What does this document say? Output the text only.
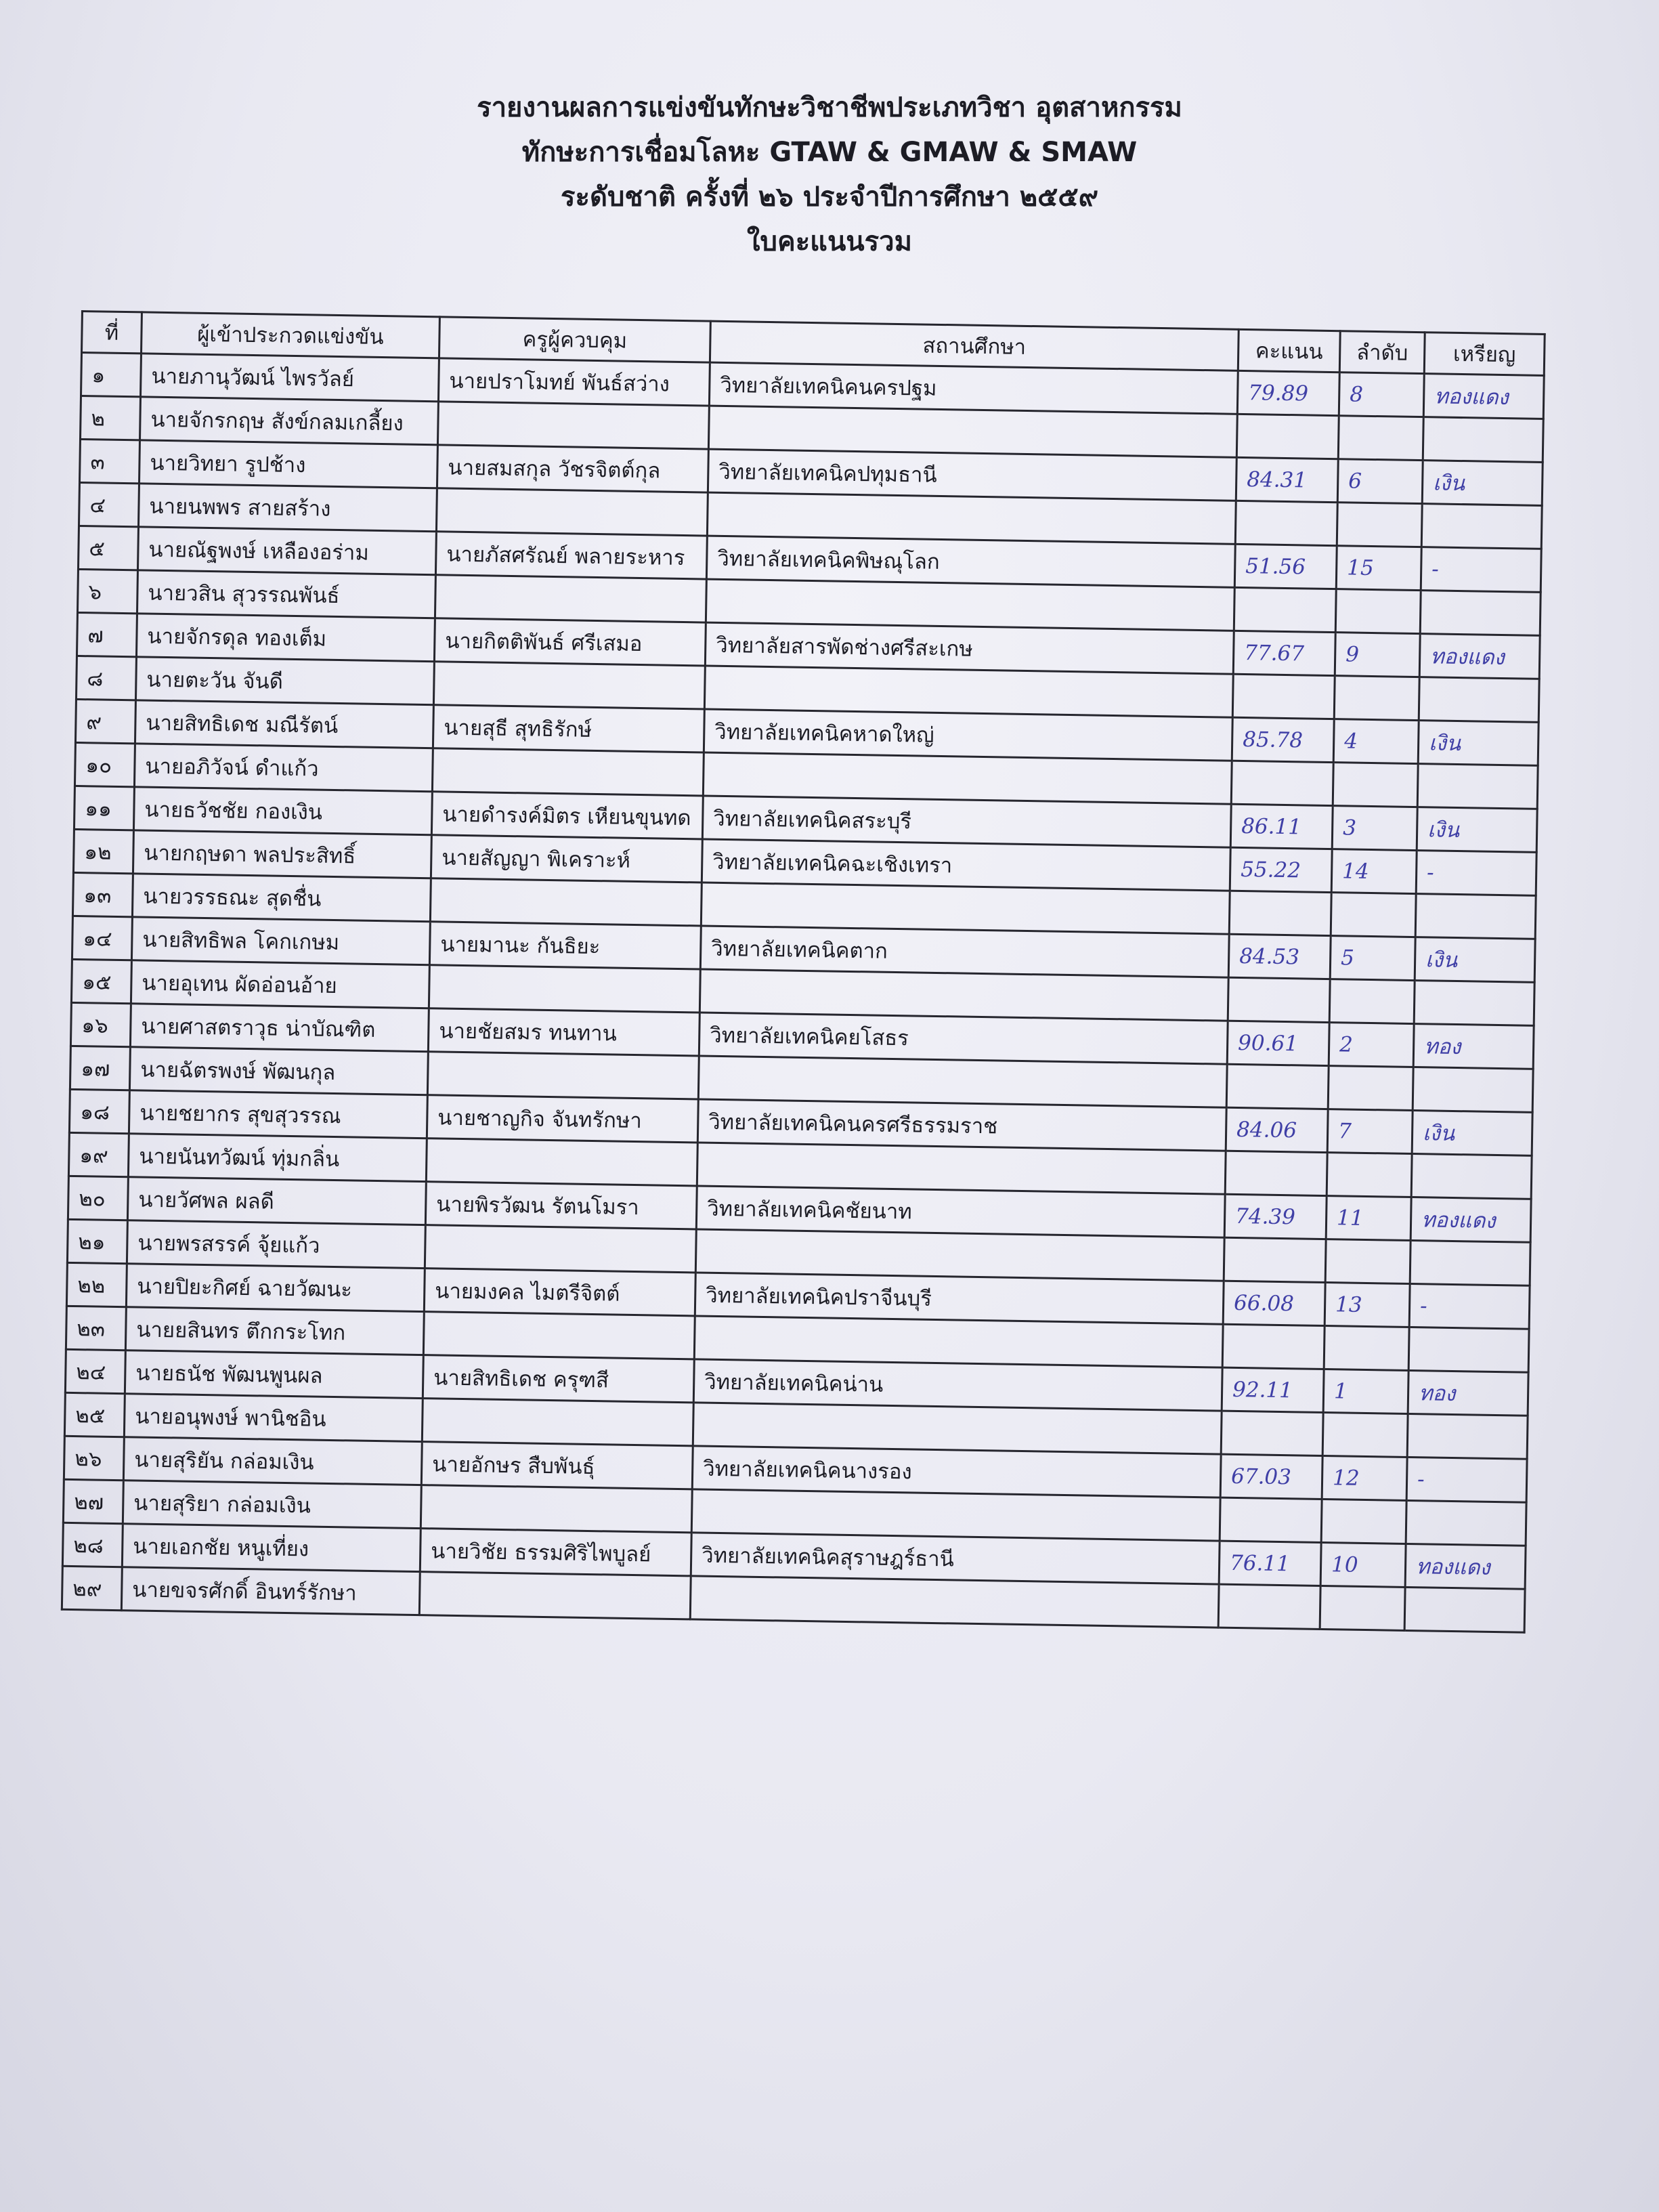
รายงานผลการแข่งขันทักษะวิชาชีพประเภทวิชา อุตสาหกรรม
ทักษะการเชื่อมโลหะ GTAW & GMAW & SMAW
ระดับชาติ ครั้งที่ ๒๖ ประจำปีการศึกษา ๒๕๕๙
ใบคะแนนรวม
ที่	ผู้เข้าประกวดแข่งขัน	ครูผู้ควบคุม	สถานศึกษา	คะแนน	ลำดับ	เหรียญ
๑	นายภานุวัฒน์ ไพรวัลย์	นายปราโมทย์ พันธ์สว่าง	วิทยาลัยเทคนิคนครปฐม	79.89	8	ทองแดง
๒	นายจักรกฤษ สังข์กลมเกลี้ยง					
๓	นายวิทยา รูปช้าง	นายสมสกุล วัชรจิตต์กุล	วิทยาลัยเทคนิคปทุมธานี	84.31	6	เงิน
๔	นายนพพร สายสร้าง					
๕	นายณัฐพงษ์ เหลืองอร่าม	นายภัสศรัณย์ พลายระหาร	วิทยาลัยเทคนิคพิษณุโลก	51.56	15	-
๖	นายวสิน สุวรรณพันธ์					
๗	นายจักรดุล ทองเต็ม	นายกิตติพันธ์ ศรีเสมอ	วิทยาลัยสารพัดช่างศรีสะเกษ	77.67	9	ทองแดง
๘	นายตะวัน จันดี					
๙	นายสิทธิเดช มณีรัตน์	นายสุธี สุทธิรักษ์	วิทยาลัยเทคนิคหาดใหญ่	85.78	4	เงิน
๑๐	นายอภิวัจน์ ดำแก้ว					
๑๑	นายธวัชชัย กองเงิน	นายดำรงค์มิตร เหียนขุนทด	วิทยาลัยเทคนิคสระบุรี	86.11	3	เงิน
๑๒	นายกฤษดา พลประสิทธิ์	นายสัญญา พิเคราะห์	วิทยาลัยเทคนิคฉะเชิงเทรา	55.22	14	-
๑๓	นายวรรธณะ สุดชื่น					
๑๔	นายสิทธิพล โคกเกษม	นายมานะ กันธิยะ	วิทยาลัยเทคนิคตาก	84.53	5	เงิน
๑๕	นายอุเทน ผัดอ่อนอ้าย					
๑๖	นายศาสตราวุธ น่าบัณฑิต	นายชัยสมร ทนทาน	วิทยาลัยเทคนิคยโสธร	90.61	2	ทอง
๑๗	นายฉัตรพงษ์ พัฒนกุล					
๑๘	นายชยากร สุขสุวรรณ	นายชาญกิจ จันทรักษา	วิทยาลัยเทคนิคนครศรีธรรมราช	84.06	7	เงิน
๑๙	นายนันทวัฒน์ ทุ่มกลิ่น					
๒๐	นายวัศพล ผลดี	นายพิรวัฒน รัตนโมรา	วิทยาลัยเทคนิคชัยนาท	74.39	11	ทองแดง
๒๑	นายพรสรรค์ จุ้ยแก้ว					
๒๒	นายปิยะกิศย์ ฉายวัฒนะ	นายมงคล ไมตรีจิตต์	วิทยาลัยเทคนิคปราจีนบุรี	66.08	13	-
๒๓	นายยสินทร ตึกกระโทก					
๒๔	นายธนัช พัฒนพูนผล	นายสิทธิเดช ครุฑสี	วิทยาลัยเทคนิคน่าน	92.11	1	ทอง
๒๕	นายอนุพงษ์ พานิชอิน					
๒๖	นายสุริยัน กล่อมเงิน	นายอักษร สืบพันธุ์	วิทยาลัยเทคนิคนางรอง	67.03	12	-
๒๗	นายสุริยา กล่อมเงิน					
๒๘	นายเอกชัย หนูเที่ยง	นายวิชัย ธรรมศิริไพบูลย์	วิทยาลัยเทคนิคสุราษฎร์ธานี	76.11	10	ทองแดง
๒๙	นายขจรศักดิ์ อินทร์รักษา					
